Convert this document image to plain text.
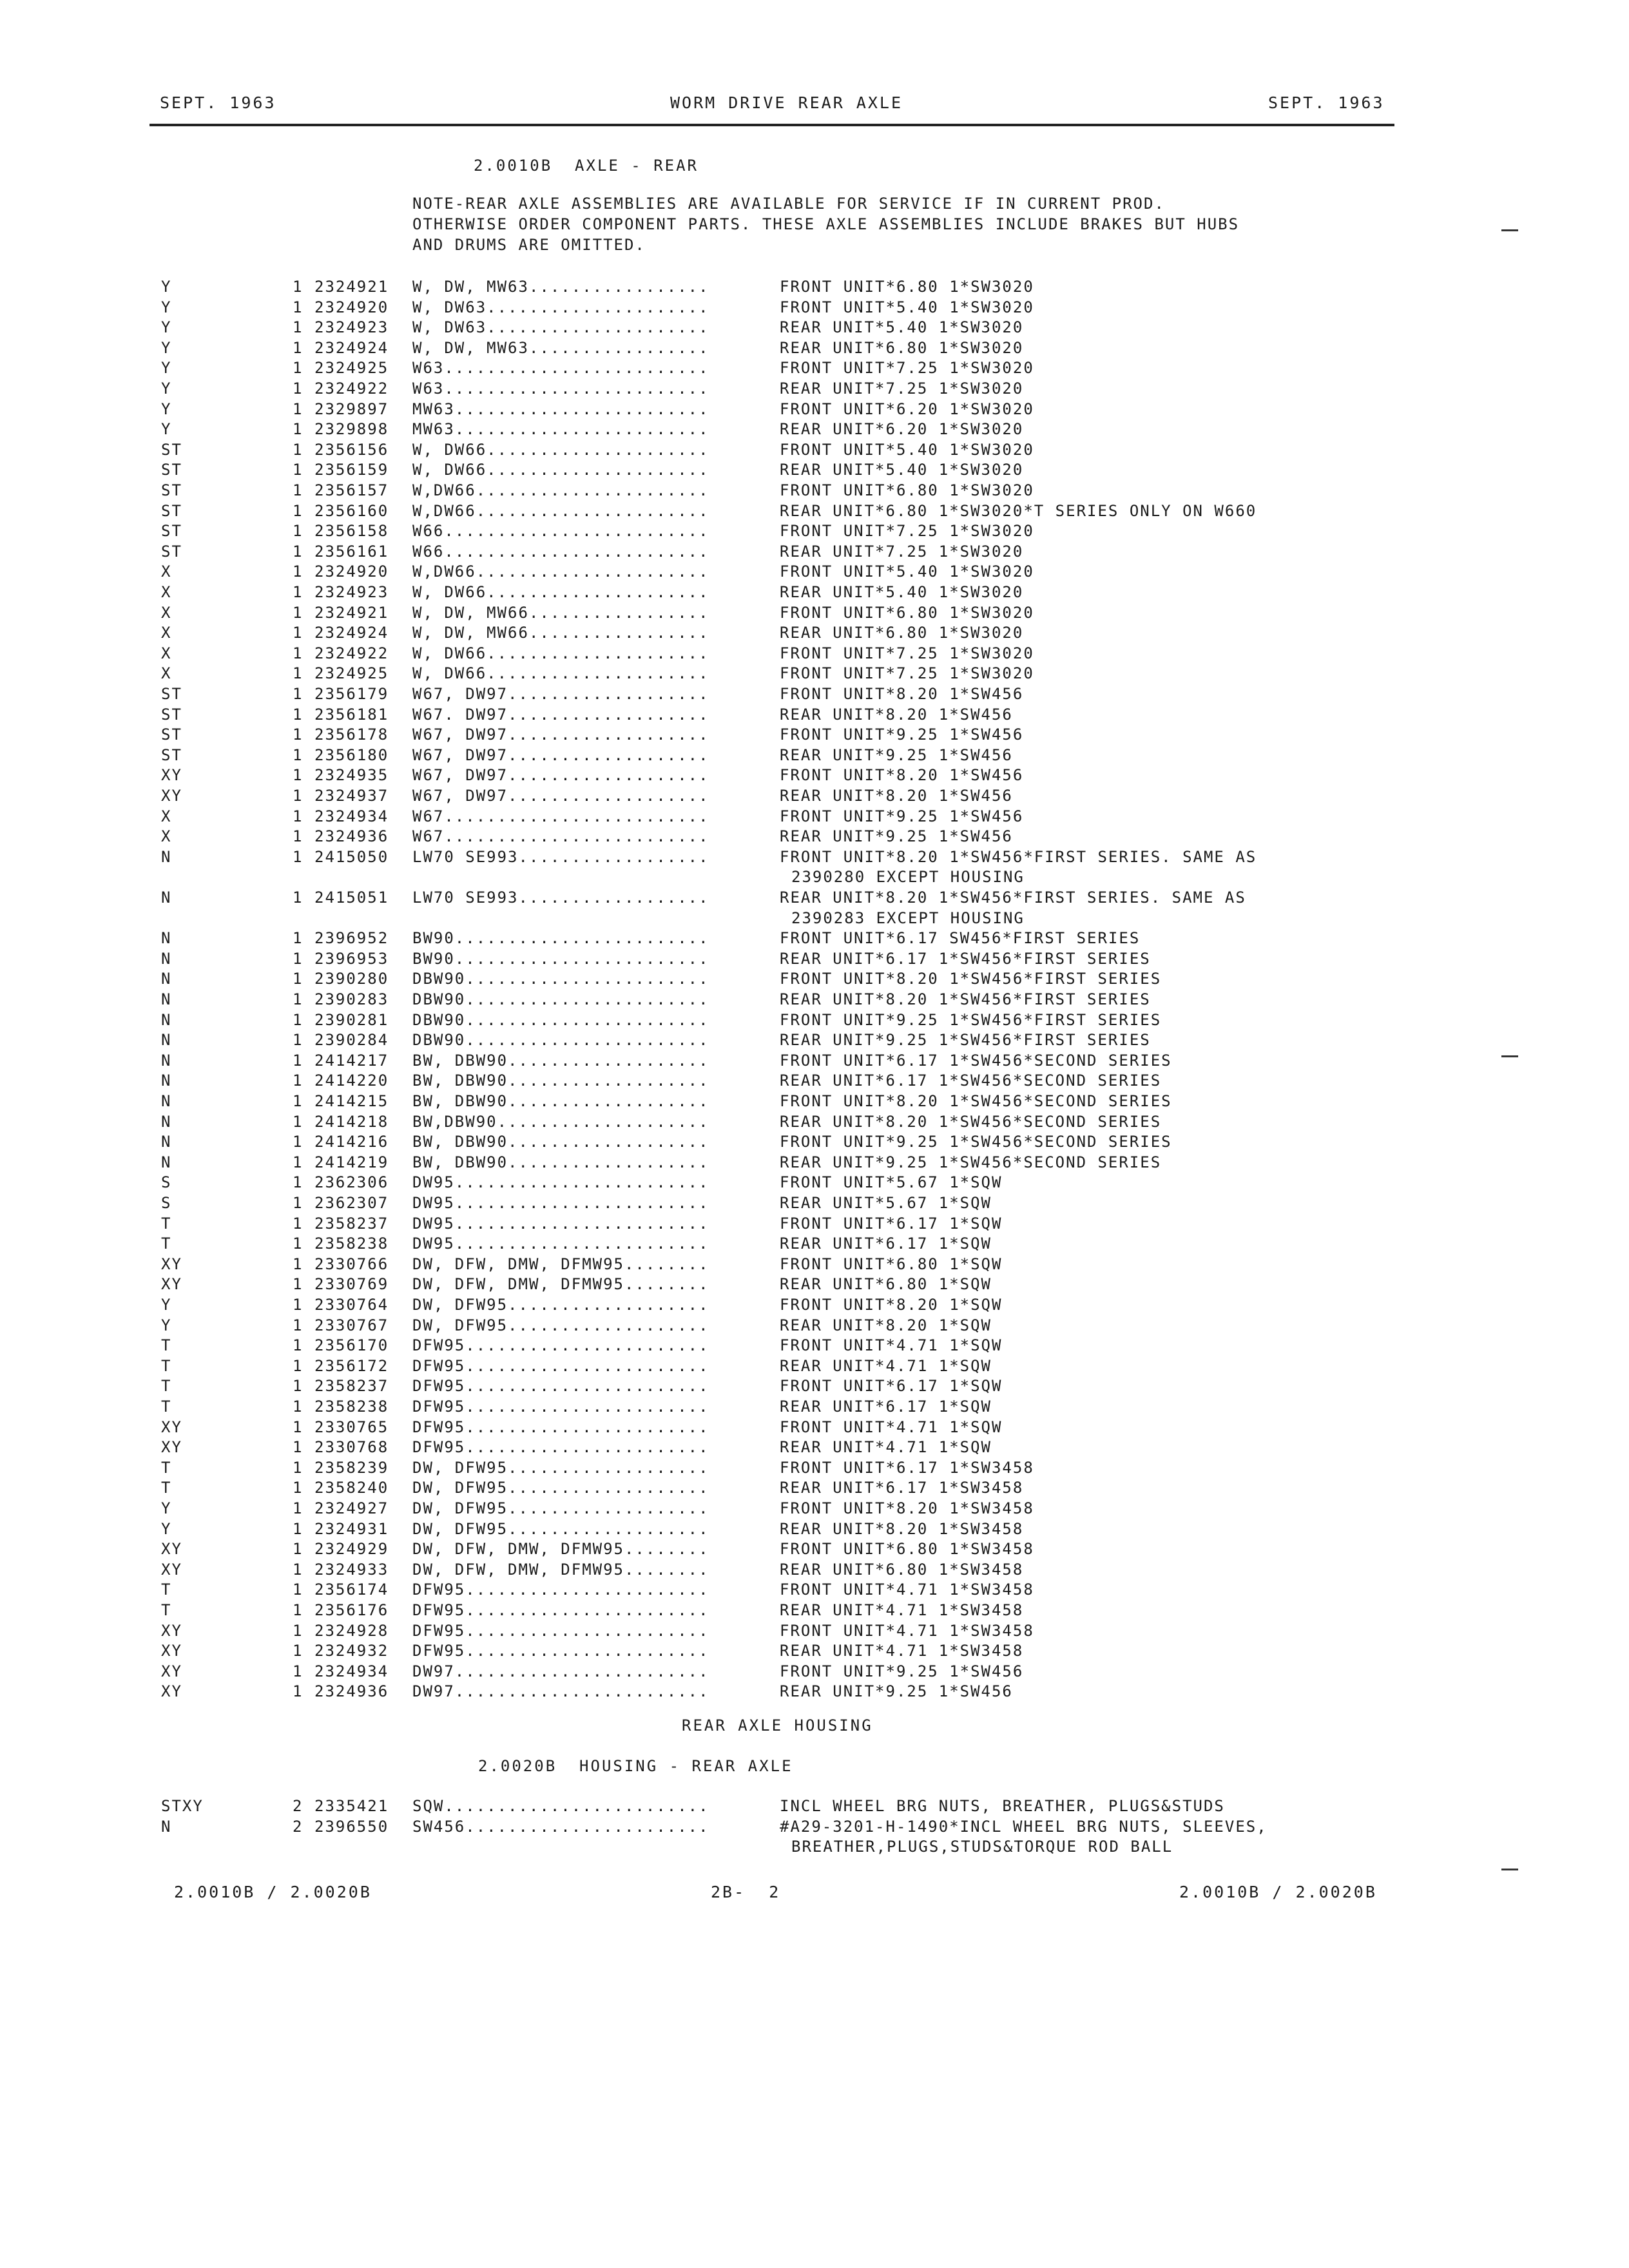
SEPT. 1963	WORM DRIVE REAR AXLE	SEPT. 1963
2.0010B  AXLE - REAR
NOTE-REAR AXLE ASSEMBLIES ARE AVAILABLE FOR SERVICE IF IN CURRENT PROD.
OTHERWISE ORDER COMPONENT PARTS. THESE AXLE ASSEMBLIES INCLUDE BRAKES BUT HUBS
AND DRUMS ARE OMITTED.
Y	1 2324921 W, DW, MW63.................	FRONT UNIT*6.80 1*SW3020
Y	1 2324920 W, DW63.....................	FRONT UNIT*5.40 1*SW3020
Y	1 2324923 W, DW63.....................	REAR UNIT*5.40 1*SW3020
Y	1 2324924 W, DW, MW63.................	REAR UNIT*6.80 1*SW3020
Y	1 2324925 W63.........................	FRONT UNIT*7.25 1*SW3020
Y	1 2324922 W63.........................	REAR UNIT*7.25 1*SW3020
Y	1 2329897 MW63........................	FRONT UNIT*6.20 1*SW3020
Y	1 2329898 MW63........................	REAR UNIT*6.20 1*SW3020
ST	1 2356156 W, DW66.....................	FRONT UNIT*5.40 1*SW3020
ST	1 2356159 W, DW66.....................	REAR UNIT*5.40 1*SW3020
ST	1 2356157 W,DW66......................	FRONT UNIT*6.80 1*SW3020
ST	1 2356160 W,DW66......................	REAR UNIT*6.80 1*SW3020*T SERIES ONLY ON W660
ST	1 2356158 W66.........................	FRONT UNIT*7.25 1*SW3020
ST	1 2356161 W66.........................	REAR UNIT*7.25 1*SW3020
X	1 2324920 W,DW66......................	FRONT UNIT*5.40 1*SW3020
X	1 2324923 W, DW66.....................	REAR UNIT*5.40 1*SW3020
X	1 2324921 W, DW, MW66.................	FRONT UNIT*6.80 1*SW3020
X	1 2324924 W, DW, MW66.................	REAR UNIT*6.80 1*SW3020
X	1 2324922 W, DW66.....................	FRONT UNIT*7.25 1*SW3020
X	1 2324925 W, DW66.....................	FRONT UNIT*7.25 1*SW3020
ST	1 2356179 W67, DW97...................	FRONT UNIT*8.20 1*SW456
ST	1 2356181 W67. DW97...................	REAR UNIT*8.20 1*SW456
ST	1 2356178 W67, DW97...................	FRONT UNIT*9.25 1*SW456
ST	1 2356180 W67, DW97...................	REAR UNIT*9.25 1*SW456
XY	1 2324935 W67, DW97...................	FRONT UNIT*8.20 1*SW456
XY	1 2324937 W67, DW97...................	REAR UNIT*8.20 1*SW456
X	1 2324934 W67.........................	FRONT UNIT*9.25 1*SW456
X	1 2324936 W67.........................	REAR UNIT*9.25 1*SW456
N	1 2415050 LW70 SE993..................	FRONT UNIT*8.20 1*SW456*FIRST SERIES. SAME AS
2390280 EXCEPT HOUSING
N	1 2415051 LW70 SE993..................	REAR UNIT*8.20 1*SW456*FIRST SERIES. SAME AS
2390283 EXCEPT HOUSING
N	1 2396952 BW90........................	FRONT UNIT*6.17 SW456*FIRST SERIES
N	1 2396953 BW90........................	REAR UNIT*6.17 1*SW456*FIRST SERIES
N	1 2390280 DBW90.......................	FRONT UNIT*8.20 1*SW456*FIRST SERIES
N	1 2390283 DBW90.......................	REAR UNIT*8.20 1*SW456*FIRST SERIES
N	1 2390281 DBW90.......................	FRONT UNIT*9.25 1*SW456*FIRST SERIES
N	1 2390284 DBW90.......................	REAR UNIT*9.25 1*SW456*FIRST SERIES
N	1 2414217 BW, DBW90...................	FRONT UNIT*6.17 1*SW456*SECOND SERIES
N	1 2414220 BW, DBW90...................	REAR UNIT*6.17 1*SW456*SECOND SERIES
N	1 2414215 BW, DBW90...................	FRONT UNIT*8.20 1*SW456*SECOND SERIES
N	1 2414218 BW,DBW90....................	REAR UNIT*8.20 1*SW456*SECOND SERIES
N	1 2414216 BW, DBW90...................	FRONT UNIT*9.25 1*SW456*SECOND SERIES
N	1 2414219 BW, DBW90...................	REAR UNIT*9.25 1*SW456*SECOND SERIES
S	1 2362306 DW95........................	FRONT UNIT*5.67 1*SQW
S	1 2362307 DW95........................	REAR UNIT*5.67 1*SQW
T	1 2358237 DW95........................	FRONT UNIT*6.17 1*SQW
T	1 2358238 DW95........................	REAR UNIT*6.17 1*SQW
XY	1 2330766 DW, DFW, DMW, DFMW95........	FRONT UNIT*6.80 1*SQW
XY	1 2330769 DW, DFW, DMW, DFMW95........	REAR UNIT*6.80 1*SQW
Y	1 2330764 DW, DFW95...................	FRONT UNIT*8.20 1*SQW
Y	1 2330767 DW, DFW95...................	REAR UNIT*8.20 1*SQW
T	1 2356170 DFW95.......................	FRONT UNIT*4.71 1*SQW
T	1 2356172 DFW95.......................	REAR UNIT*4.71 1*SQW
T	1 2358237 DFW95.......................	FRONT UNIT*6.17 1*SQW
T	1 2358238 DFW95.......................	REAR UNIT*6.17 1*SQW
XY	1 2330765 DFW95.......................	FRONT UNIT*4.71 1*SQW
XY	1 2330768 DFW95.......................	REAR UNIT*4.71 1*SQW
T	1 2358239 DW, DFW95...................	FRONT UNIT*6.17 1*SW3458
T	1 2358240 DW, DFW95...................	REAR UNIT*6.17 1*SW3458
Y	1 2324927 DW, DFW95...................	FRONT UNIT*8.20 1*SW3458
Y	1 2324931 DW, DFW95...................	REAR UNIT*8.20 1*SW3458
XY	1 2324929 DW, DFW, DMW, DFMW95........	FRONT UNIT*6.80 1*SW3458
XY	1 2324933 DW, DFW, DMW, DFMW95........	REAR UNIT*6.80 1*SW3458
T	1 2356174 DFW95.......................	FRONT UNIT*4.71 1*SW3458
T	1 2356176 DFW95.......................	REAR UNIT*4.71 1*SW3458
XY	1 2324928 DFW95.......................	FRONT UNIT*4.71 1*SW3458
XY	1 2324932 DFW95.......................	REAR UNIT*4.71 1*SW3458
XY	1 2324934 DW97........................	FRONT UNIT*9.25 1*SW456
XY	1 2324936 DW97........................	REAR UNIT*9.25 1*SW456
REAR AXLE HOUSING
2.0020B  HOUSING - REAR AXLE
STXY	2 2335421 SQW.........................	INCL WHEEL BRG NUTS, BREATHER, PLUGS&STUDS
N	2 2396550 SW456.......................	#A29-3201-H-1490*INCL WHEEL BRG NUTS, SLEEVES,
BREATHER,PLUGS,STUDS&TORQUE ROD BALL
2.0010B / 2.0020B	2B-  2	2.0010B / 2.0020B
